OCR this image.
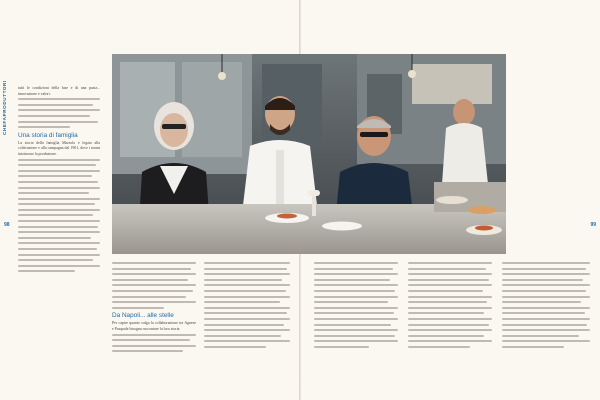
CHEFAPRODUTTORI
98

tutti le condizioni della fase e di una pasta... innovazione e valori.

Una storia di famiglia

La storia della famiglia Marzolo e legata alla coltivazione e alla campagna dal 1901, dove i nonni iniziarono la produzione.

Da Napoli... alle stelle

Per capire quanto valga la collaborazione tra Agnese e Pasquale bisogna raccontare la loro storia.

99
